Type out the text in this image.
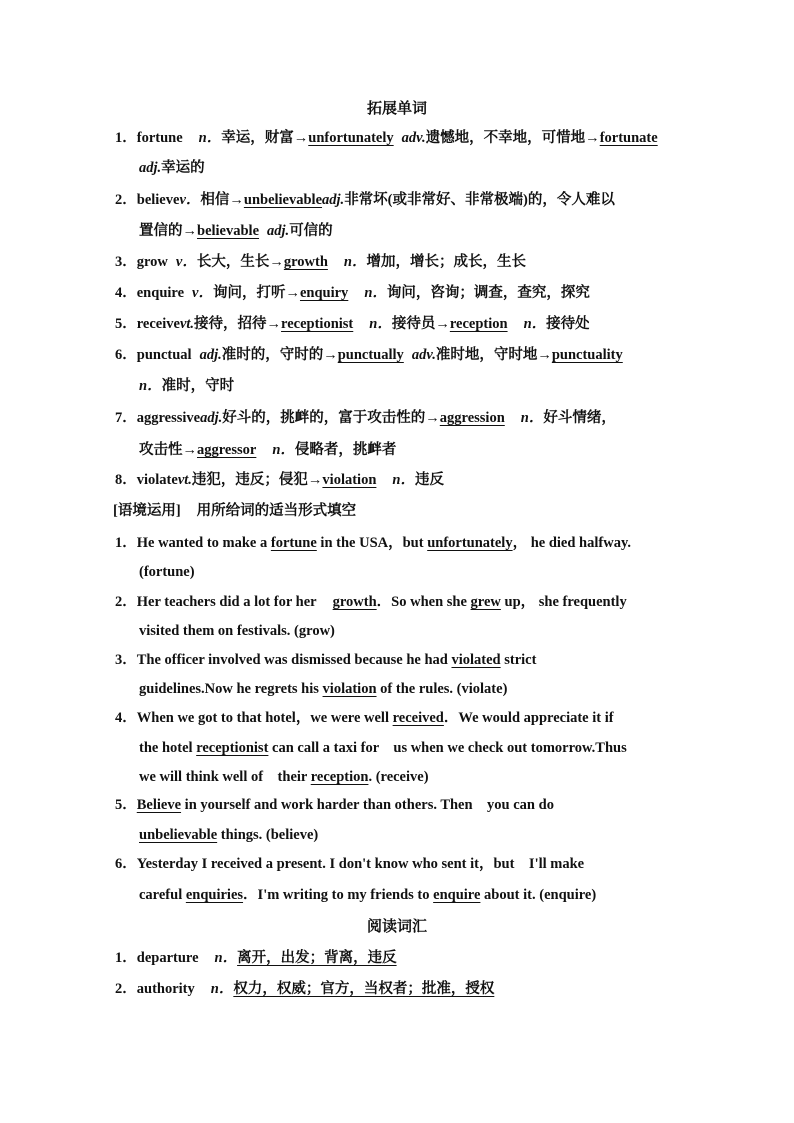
拓展单词
1．fortune n．幸运，财富→unfortunately adv.遗憾地，不幸地，可惜地→fortunate
adj.幸运的
2．believev．相信→unbelievableadj.非常坏(或非常好、非常极端)的，令人难以
置信的→believable adj.可信的
3．grow v．长大，生长→growth n．增加，增长；成长，生长
4．enquire v．询问，打听→enquiry n．询问，咨询；调查，查究，探究
5．receivevt.接待，招待→receptionist n．接待员→reception n．接待处
6．punctual adj.准时的，守时的→punctually adv.准时地，守时地→punctuality
n．准时，守时
7．aggressiveadj.好斗的，挑衅的，富于攻击性的→aggression n．好斗情绪，
攻击性→aggressor n．侵略者，挑衅者
8．violatevt.违犯，违反；侵犯→violation n．违反
[语境运用] 用所给词的适当形式填空
1．He wanted to make a fortune in the USA，but unfortunately， he died halfway.
(fortune)
2．Her teachers did a lot for her growth．So when she grew up， she frequently
visited them on festivals. (grow)
3．The officer involved was dismissed because he had violated strict
guidelines.Now he regrets his violation of the rules. (violate)
4．When we got to that hotel，we were well received．We would appreciate it if
the hotel receptionist can call a taxi for　us when we check out tomorrow.Thus
we will think well of　their reception. (receive)
5．Believe in yourself and work harder than others. Then　you can do
unbelievable things. (believe)
6．Yesterday I received a present. I don't know who sent it，but　I'll make
careful enquiries．I'm writing to my friends to enquire about it. (enquire)
阅读词汇
1．departure n．离开，出发；背离，违反
2．authority n．权力，权威；官方，当权者；批准，授权
